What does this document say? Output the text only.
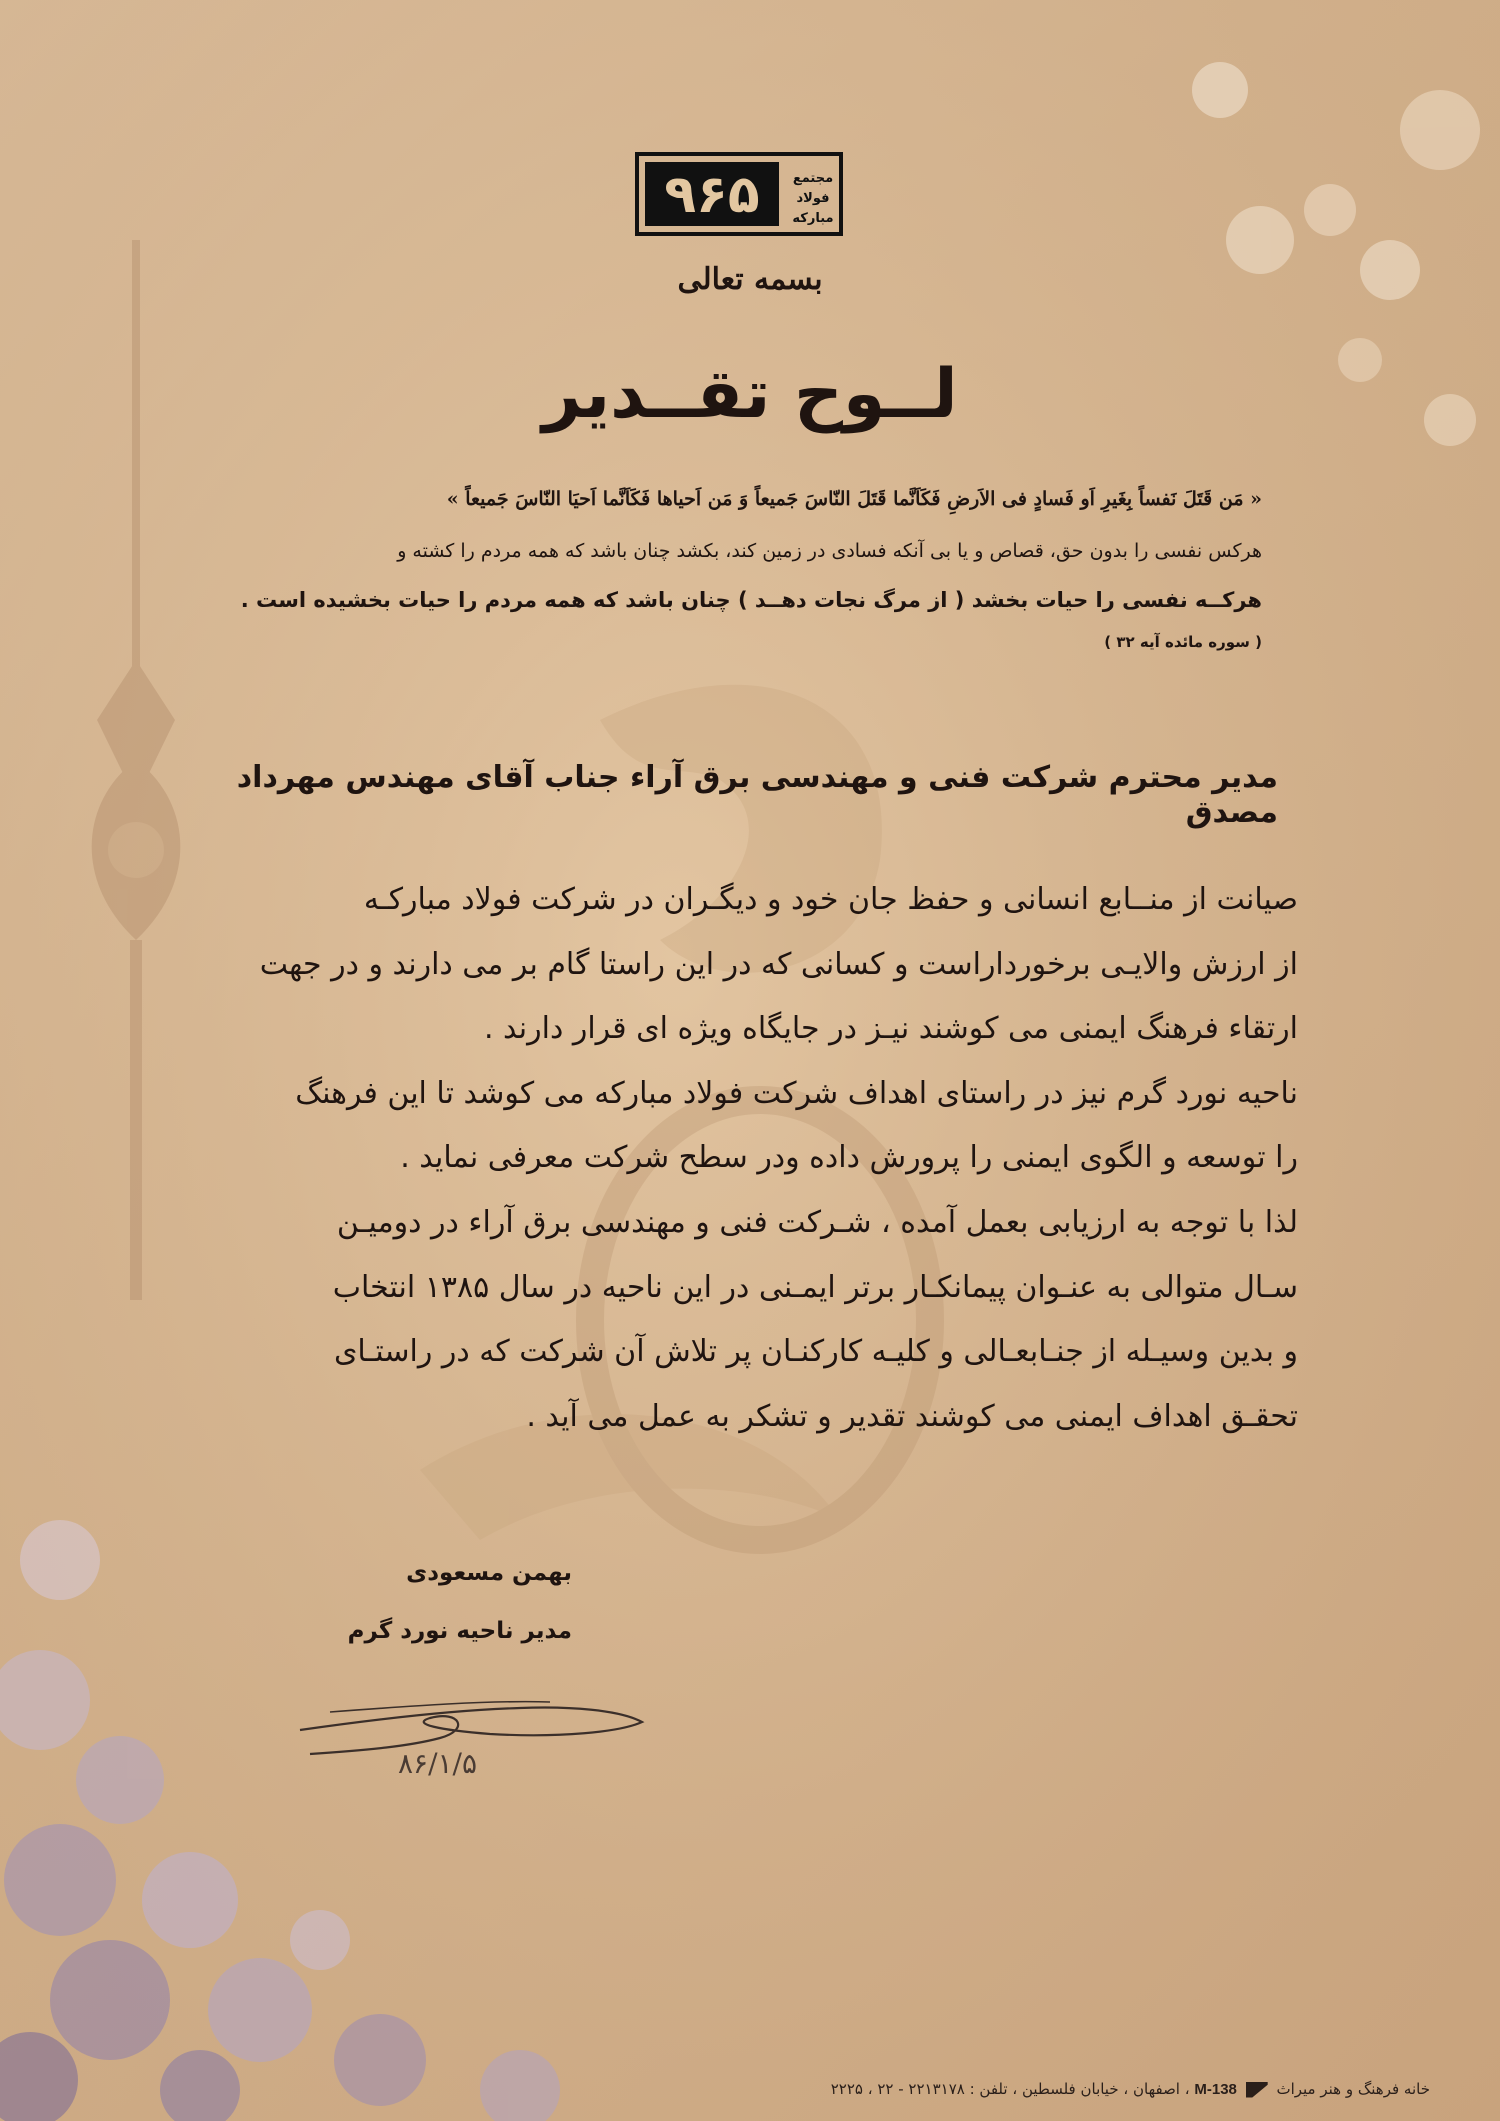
۹۶۵	مجتمع
فولاد
مبارکه
بسمه تعالی
لــوح تقــدیر
« مَن قَتَلَ نَفساً بِغَیرِ اَو فَسادٍ فی الاَرضِ فَکَاَنَّما قَتَلَ النّاسَ جَمیعاً وَ مَن اَحیاها فَکَاَنَّما اَحیَا النّاسَ جَمیعاً »
هرکس نفسی را بدون حق، قصاص و یا بی آنکه فسادی در زمین کند، بکشد چنان باشد که همه مردم را کشته و
هرکــه نفسی را حیات بخشد ( از مرگ نجات دهــد ) چنان باشد که همه مردم را حیات بخشیده است .
( سوره مائده آیه ۳۲ )
مدیر محترم شرکت فنی و مهندسی برق آراء جناب آقای مهندس مهرداد مصدق
صیانت از منــابع انسانی و حفظ جان خود و دیگـران در شرکت فولاد مبارکـه
از ارزش والایـی برخورداراست و کسانی که در این راستا گام بر می دارند و در جهت
ارتقاء فرهنگ ایمنی می کوشند نیـز در جایگاه ویژه ای قرار دارند .
ناحیه نورد گرم نیز در راستای اهداف شرکت فولاد مبارکه می کوشد تا این فرهنگ
را توسعه و الگوی ایمنی را پرورش داده ودر سطح شرکت معرفی نماید .
لذا با توجه به ارزیابی بعمل آمده ، شـرکت فنی و مهندسی برق آراء در دومیـن
سـال متوالی به عنـوان پیمانکـار برتر ایمـنی در این ناحیه در سال ۱۳۸۵ انتخاب
و بدین وسیـله از جنـابعـالی و کلیـه کارکنـان پر تلاش آن شرکت که در راستـای
تحقـق اهداف ایمنی می کوشند تقدیر و تشکر به عمل می آید .
بهمن مسعودی
مدیر ناحیه نورد گرم
۸۶/۱/۵
خانه فرهنگ و هنر میراث  M-138 ، اصفهان ، خیابان فلسطین ، تلفن : ۲۲۱۳۱۷۸ - ۲۲ ، ۲۲۲۵
